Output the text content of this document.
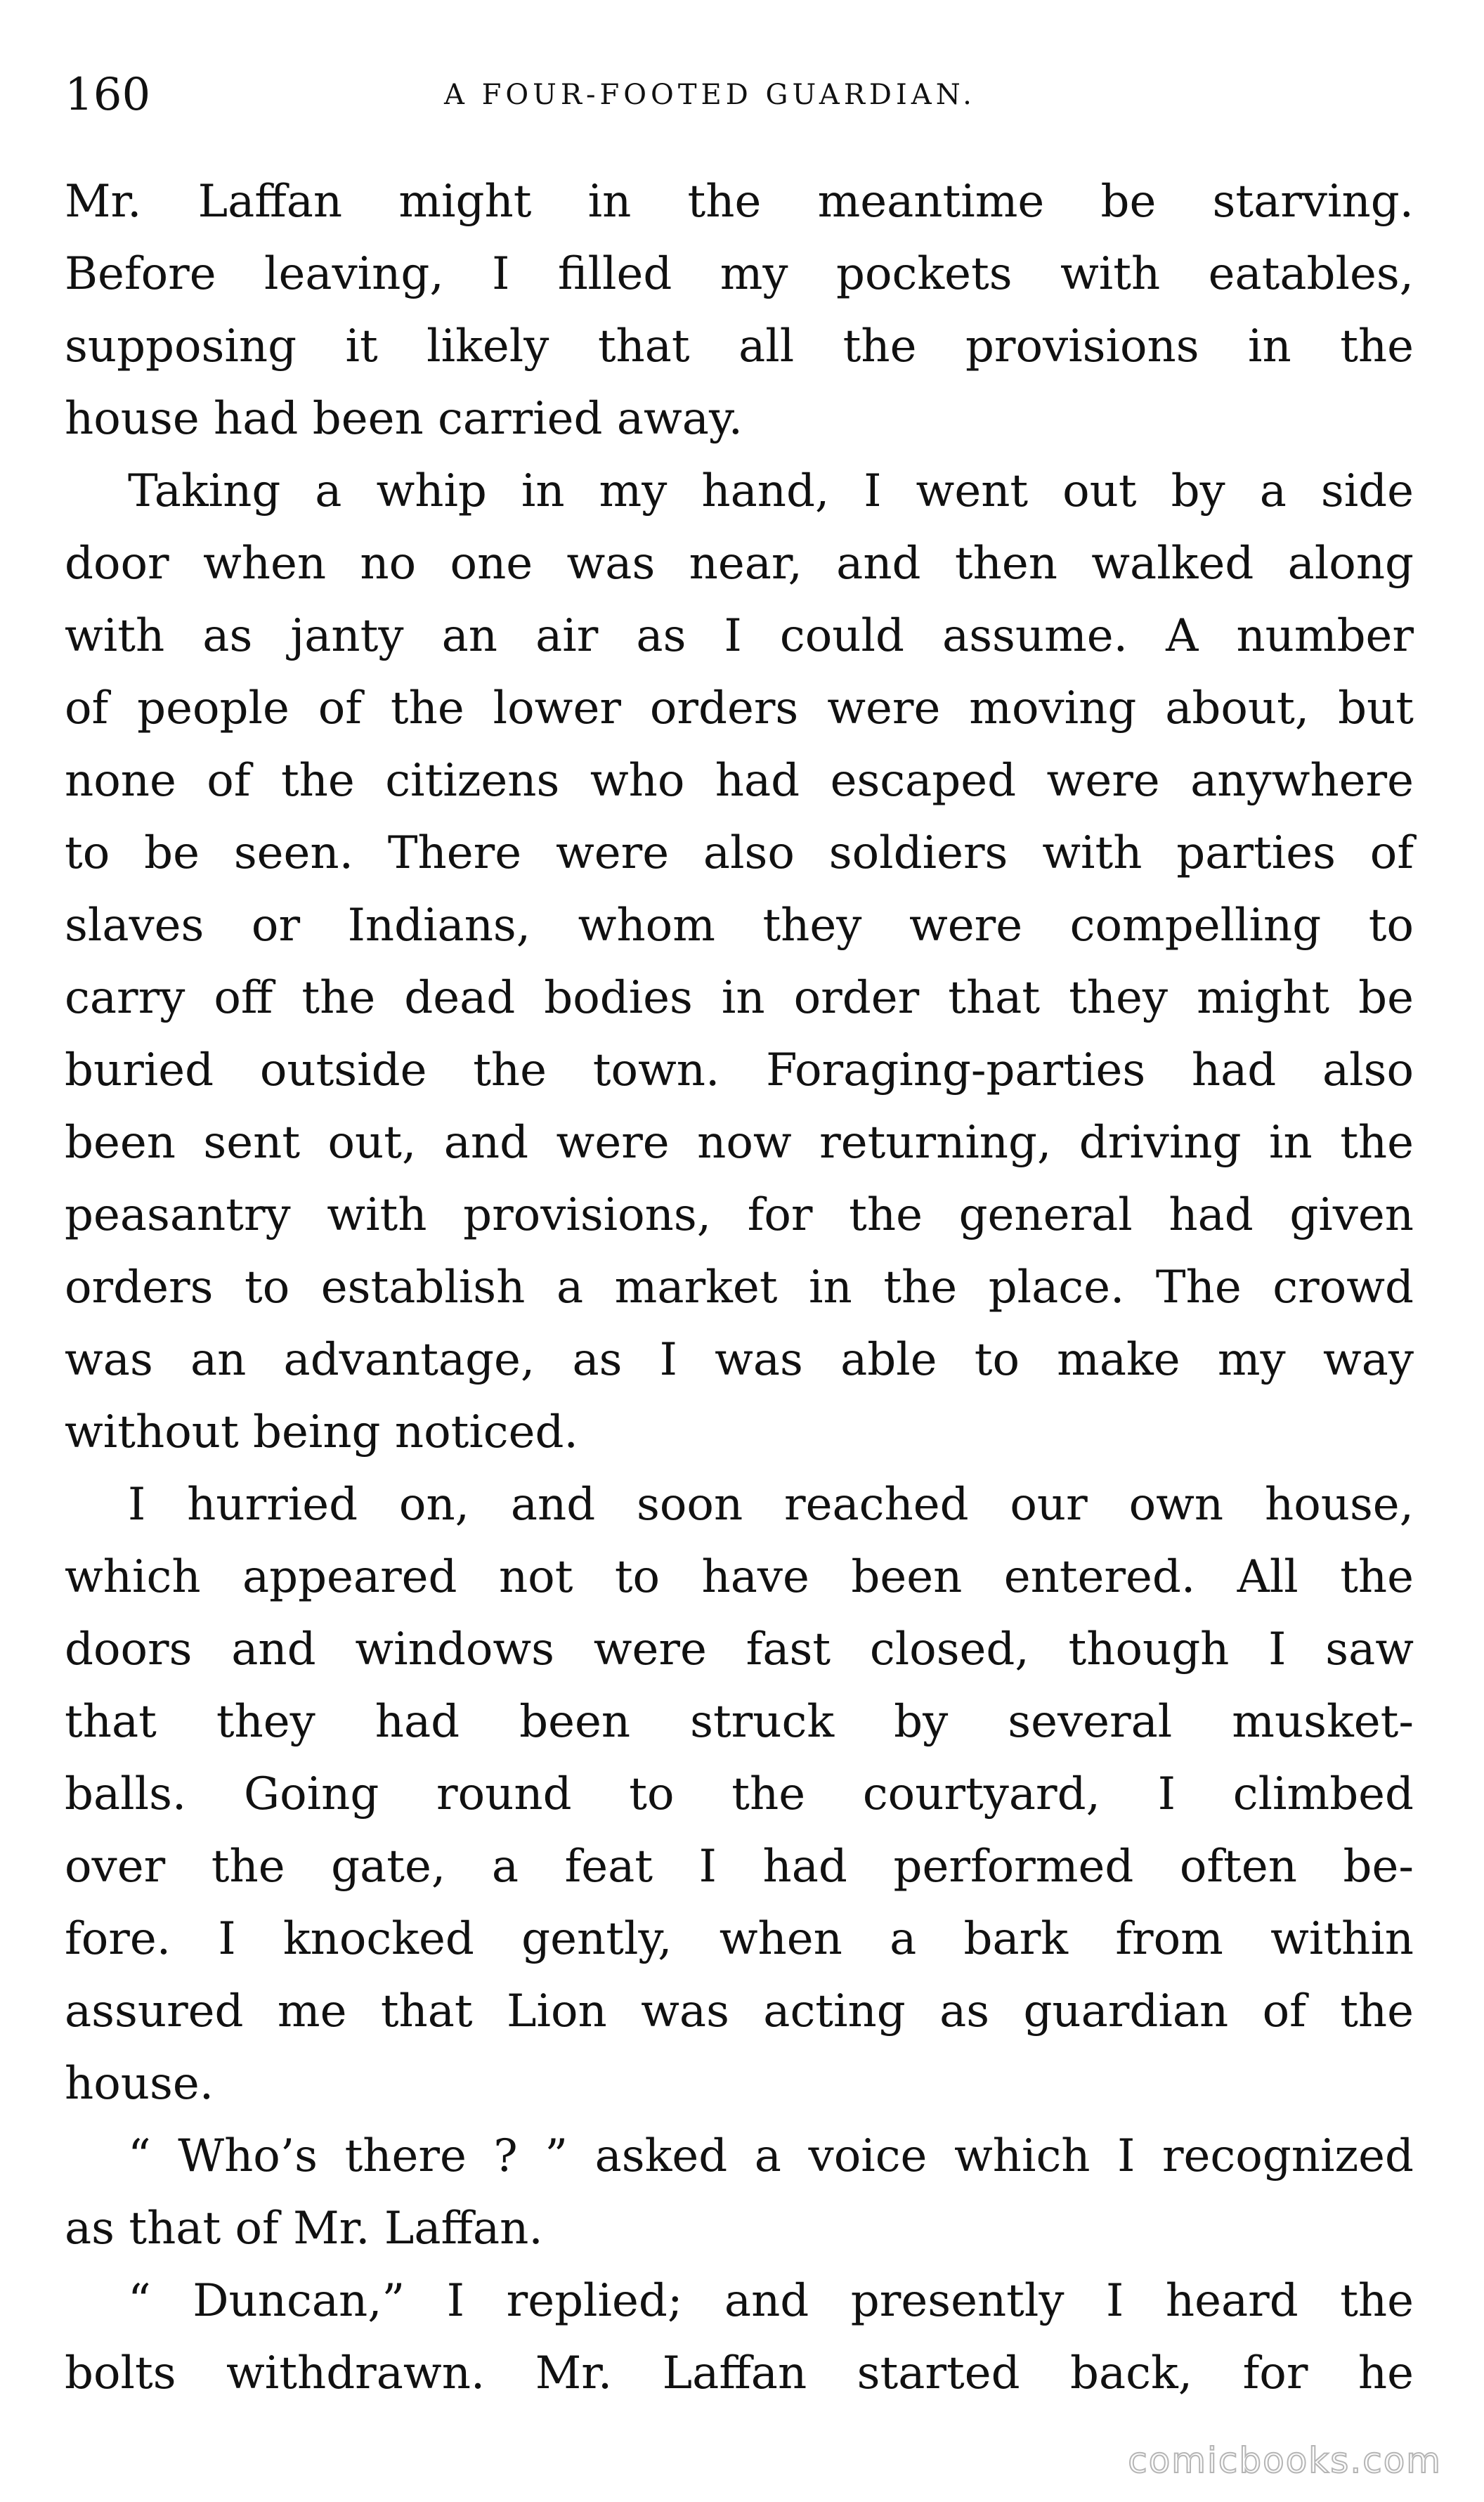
160	A FOUR-FOOTED GUARDIAN.
Mr. Laffan might in the meantime be starving.
Before leaving, I filled my pockets with eatables,
supposing it likely that all the provisions in the
house had been carried away.
Taking a whip in my hand, I went out by a side
door when no one was near, and then walked along
with as janty an air as I could assume. A number
of people of the lower orders were moving about, but
none of the citizens who had escaped were anywhere
to be seen. There were also soldiers with parties of
slaves or Indians, whom they were compelling to
carry off the dead bodies in order that they might be
buried outside the town. Foraging-parties had also
been sent out, and were now returning, driving in the
peasantry with provisions, for the general had given
orders to establish a market in the place. The crowd
was an advantage, as I was able to make my way
without being noticed.
I hurried on, and soon reached our own house,
which appeared not to have been entered. All the
doors and windows were fast closed, though I saw
that they had been struck by several musket-
balls. Going round to the courtyard, I climbed
over the gate, a feat I had performed often be-
fore. I knocked gently, when a bark from within
assured me that Lion was acting as guardian of the
house.
“ Who’s there ? ” asked a voice which I recognized
as that of Mr. Laffan.
“ Duncan,” I replied; and presently I heard the
bolts withdrawn. Mr. Laffan started back, for he
comicbooks.com
